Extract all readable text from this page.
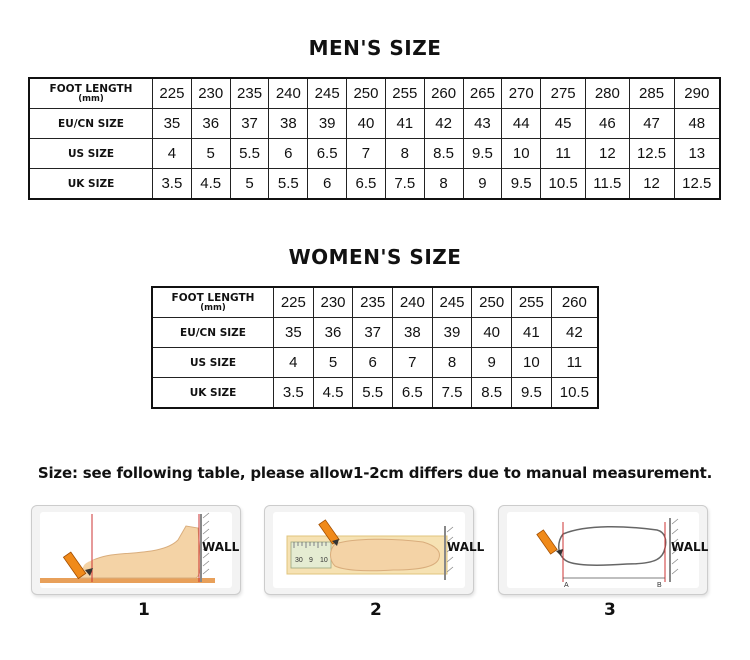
MEN'S SIZE
FOOT LENGTH
(mm)	225	230	235	240	245	250	255	260	265	270	275	280	285	290
EU/CN SIZE	35	36	37	38	39	40	41	42	43	44	45	46	47	48
US SIZE	4	5	5.5	6	6.5	7	8	8.5	9.5	10	11	12	12.5	13
UK SIZE	3.5	4.5	5	5.5	6	6.5	7.5	8	9	9.5	10.5	11.5	12	12.5
WOMEN'S SIZE
FOOT LENGTH
(mm)	225	230	235	240	245	250	255	260
EU/CN SIZE	35	36	37	38	39	40	41	42
US SIZE	4	5	6	7	8	9	10	11
UK SIZE	3.5	4.5	5.5	6.5	7.5	8.5	9.5	10.5
Size: see following table, please allow1-2cm differs due to manual measurement.
WALL
1
30 9 10
WALL
2
A	B
WALL
3
